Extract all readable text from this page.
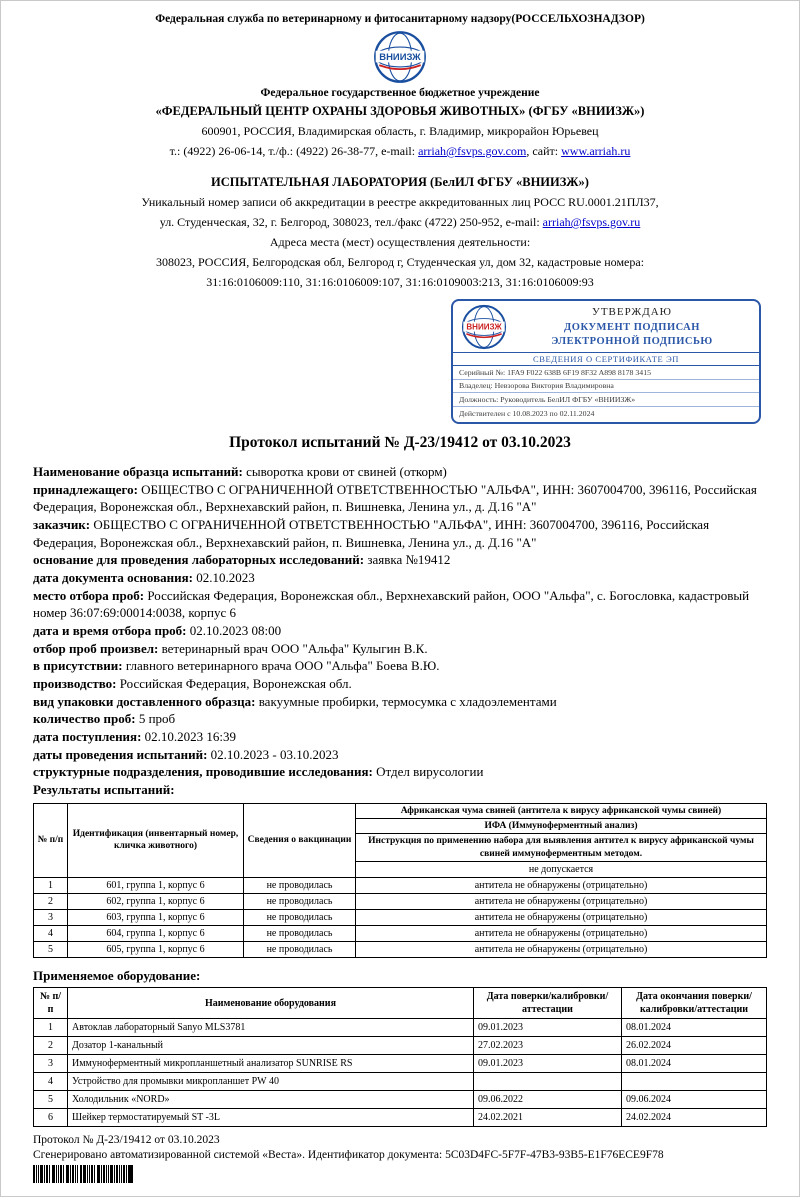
Федеральная служба по ветеринарному и фитосанитарному надзору(РОССЕЛЬХОЗНАДЗОР)
ВНИИЗЖ
Федеральное государственное бюджетное учреждение
«ФЕДЕРАЛЬНЫЙ ЦЕНТР ОХРАНЫ ЗДОРОВЬЯ ЖИВОТНЫХ» (ФГБУ «ВНИИЗЖ»)
600901, РОССИЯ, Владимирская область, г. Владимир, микрорайон Юрьевец
т.: (4922) 26-06-14, т./ф.: (4922) 26-38-77, e-mail: arriah@fsvps.gov.com, сайт: www.arriah.ru
ИСПЫТАТЕЛЬНАЯ ЛАБОРАТОРИЯ (БелИЛ ФГБУ «ВНИИЗЖ»)
Уникальный номер записи об аккредитации в реестре аккредитованных лиц РОСС RU.0001.21ПЛ37,
ул. Студенческая, 32, г. Белгород, 308023, тел./факс (4722) 250-952, e-mail: arriah@fsvps.gov.ru
Адреса места (мест) осуществления деятельности:
308023, РОССИЯ, Белгородская обл, Белгород г, Студенческая ул, дом 32, кадастровые номера:
31:16:0106009:110, 31:16:0106009:107, 31:16:0109003:213, 31:16:0106009:93
ВНИИЗЖ
УТВЕРЖДАЮ
ДОКУМЕНТ ПОДПИСАН
ЭЛЕКТРОННОЙ ПОДПИСЬЮ
СВЕДЕНИЯ О СЕРТИФИКАТЕ ЭП
Серийный №: 1FA9 F022 638B 6F19 8F32 A898 8178 3415
Владелец: Невзорова Виктория Владимировна
Должность: Руководитель БелИЛ ФГБУ «ВНИИЗЖ»
Действителен с 10.08.2023 по 02.11.2024
Протокол испытаний № Д-23/19412 от 03.10.2023

Наименование образца испытаний: сыворотка крови от свиней (откорм)

принадлежащего: ОБЩЕСТВО С ОГРАНИЧЕННОЙ ОТВЕТСТВЕННОСТЬЮ "АЛЬФА", ИНН: 3607004700, 396116, Российская Федерация, Воронежская обл., Верхнехавский район, п. Вишневка, Ленина ул., д. Д.16 "А"

заказчик: ОБЩЕСТВО С ОГРАНИЧЕННОЙ ОТВЕТСТВЕННОСТЬЮ "АЛЬФА", ИНН: 3607004700, 396116, Российская Федерация, Воронежская обл., Верхнехавский район, п. Вишневка, Ленина ул., д. Д.16 "А"

основание для проведения лабораторных исследований: заявка №19412

дата документа основания: 02.10.2023

место отбора проб: Российская Федерация, Воронежская обл., Верхнехавский район, ООО "Альфа", с. Богословка, кадастровый номер 36:07:69:00014:0038, корпус 6

дата и время отбора проб: 02.10.2023 08:00

отбор проб произвел: ветеринарный врач ООО "Альфа" Кулыгин В.К.

в присутствии: главного ветеринарного врача ООО "Альфа" Боева В.Ю.

производство: Российская Федерация, Воронежская обл.

вид упаковки доставленного образца: вакуумные пробирки, термосумка с хладоэлементами

количество проб: 5 проб

дата поступления: 02.10.2023 16:39

даты проведения испытаний: 02.10.2023 - 03.10.2023

структурные подразделения, проводившие исследования: Отдел вирусологии

Результаты испытаний:

№ п/п	Идентификация (инвентарный номер, кличка животного)	Сведения о вакцинации	Африканская чума свиней (антитела к вирусу африканской чумы свиней)
			ИФА (Иммуноферментный анализ)
			Инструкция по применению набора для выявления антител к вирусу африканской чумы свиней иммуноферментным методом.
			не допускается
1	601, группа 1, корпус 6	не проводилась	антитела не обнаружены (отрицательно)
2	602, группа 1, корпус 6	не проводилась	антитела не обнаружены (отрицательно)
3	603, группа 1, корпус 6	не проводилась	антитела не обнаружены (отрицательно)
4	604, группа 1, корпус 6	не проводилась	антитела не обнаружены (отрицательно)
5	605, группа 1, корпус 6	не проводилась	антитела не обнаружены (отрицательно)
Применяемое оборудование:
№ п/п	Наименование оборудования	Дата поверки/калибровки/аттестации	Дата окончания поверки/калибровки/аттестации
1	Автоклав лабораторный Sanyo MLS3781	09.01.2023	08.01.2024
2	Дозатор 1-канальный	27.02.2023	26.02.2024
3	Иммуноферментный микропланшетный анализатор SUNRISE RS	09.01.2023	08.01.2024
4	Устройство для промывки микропланшет PW 40		
5	Холодильник «NORD»	09.06.2022	09.06.2024
6	Шейкер термостатируемый ST -3L	24.02.2021	24.02.2024
Протокол № Д-23/19412 от 03.10.2023
Сгенерировано автоматизированной системой «Веста». Идентификатор документа: 5C03D4FC-5F7F-47B3-93B5-E1F76ECE9F78
